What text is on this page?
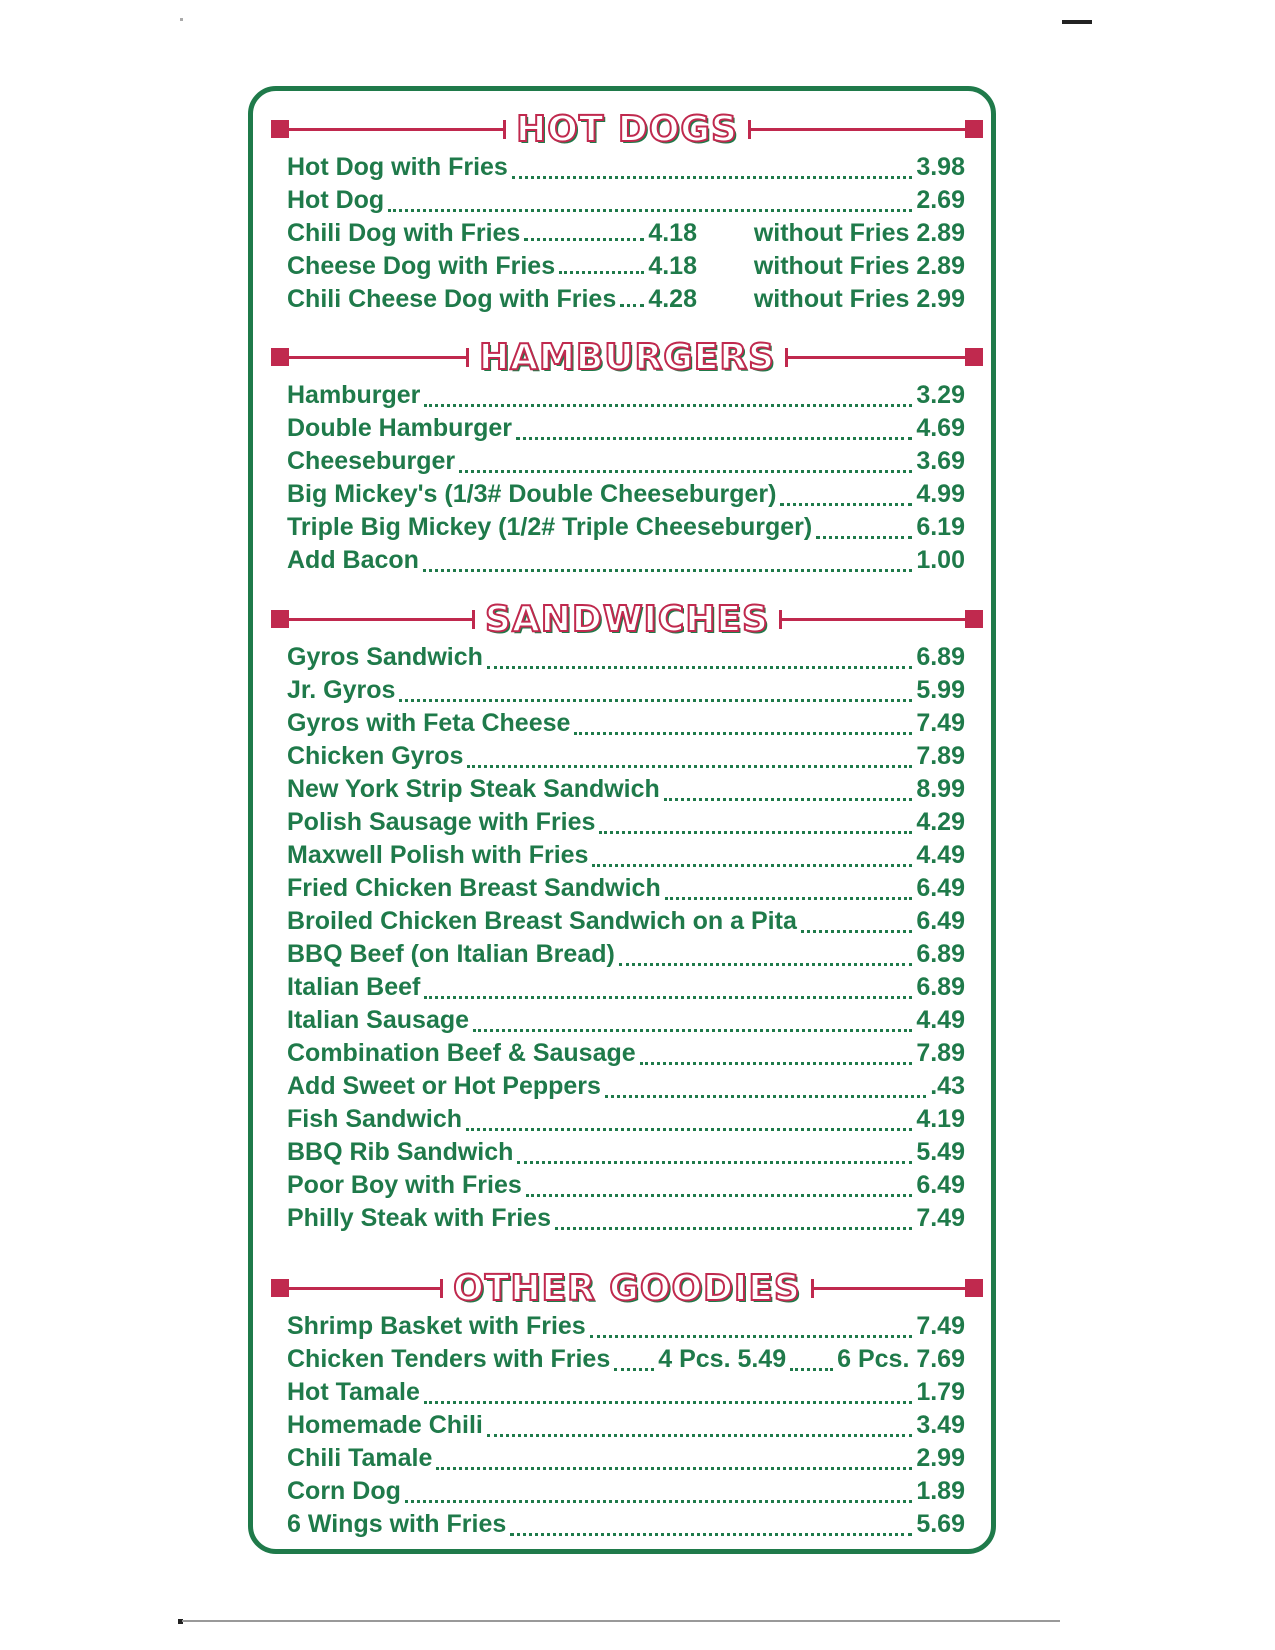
HOT DOGS
Hot Dog with Fries	3.98
Hot Dog	2.69
Chili Dog with Fries	4.18 without Fries 2.89
Cheese Dog with Fries	4.18 without Fries 2.89
Chili Cheese Dog with Fries 4.28 without Fries 2.99
HAMBURGERS
Hamburger	3.29
Double Hamburger	4.69
Cheeseburger	3.69
Big Mickey's (1/3# Double Cheeseburger)	4.99
Triple Big Mickey (1/2# Triple Cheeseburger)	6.19
Add Bacon	1.00
SANDWICHES
Gyros Sandwich	6.89
Jr. Gyros	5.99
Gyros with Feta Cheese	7.49
Chicken Gyros	7.89
New York Strip Steak Sandwich	8.99
Polish Sausage with Fries	4.29
Maxwell Polish with Fries	4.49
Fried Chicken Breast Sandwich	6.49
Broiled Chicken Breast Sandwich on a Pita	6.49
BBQ Beef (on Italian Bread)	6.89
Italian Beef	6.89
Italian Sausage	4.49
Combination Beef & Sausage	7.89
Add Sweet or Hot Peppers	.43
Fish Sandwich	4.19
BBQ Rib Sandwich	5.49
Poor Boy with Fries	6.49
Philly Steak with Fries	7.49
OTHER GOODIES
Shrimp Basket with Fries	7.49
Chicken Tenders with Fries 4 Pcs. 5.49 6 Pcs. 7.69
Hot Tamale	1.79
Homemade Chili	3.49
Chili Tamale	2.99
Corn Dog	1.89
6 Wings with Fries	5.69
